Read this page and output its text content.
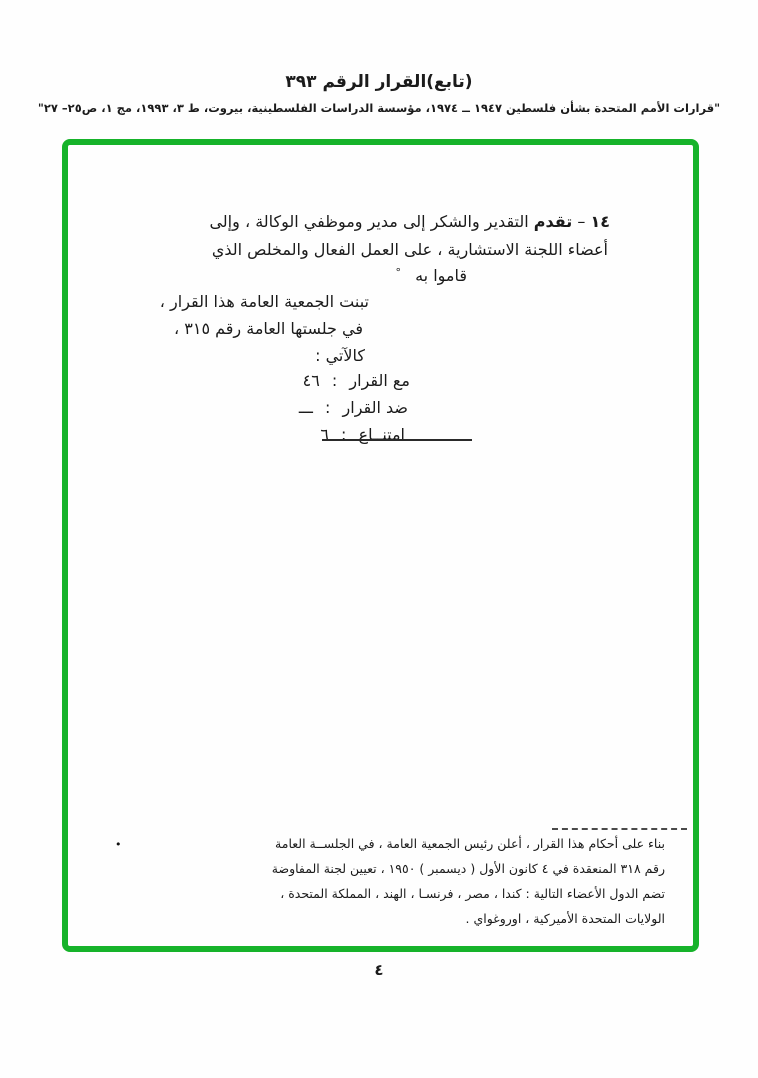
(تابع)القرار الرقم ٣٩٣
"قرارات الأمم المتحدة بشأن فلسطين ١٩٤٧ ــ ١٩٧٤، مؤسسة الدراسات الفلسطينية، بيروت، ط ٣، ١٩٩٣، مج ١، ص٢٥– ٢٧"
١٤ – تقدم التقدير والشكر إلى مدير وموظفي الوكالة ، وإلى
أعضاء اللجنة الاستشارية ، على العمل الفعال والمخلص الذي
قاموا به °
تبنت الجمعية العامة هذا القرار ،
في جلستها العامة رقم ٣١٥ ،
كالآتي :
مع القرار : ٤٦
ضد القرار : ـــ
امتنــاع : ٦
•	بناء على أحكام هذا القرار ، أعلن رئيس الجمعية العامة ، في الجلســة العامة
رقم ٣١٨ المنعقدة في ٤ كانون الأول ( ديسمبر ) ١٩٥٠ ، تعيين لجنة المفاوضة
تضم الدول الأعضاء التالية : كندا ، مصر ، فرنسـا ، الهند ، المملكة المتحدة ،
الولايات المتحدة الأميركية ، اوروغواي .
٤
